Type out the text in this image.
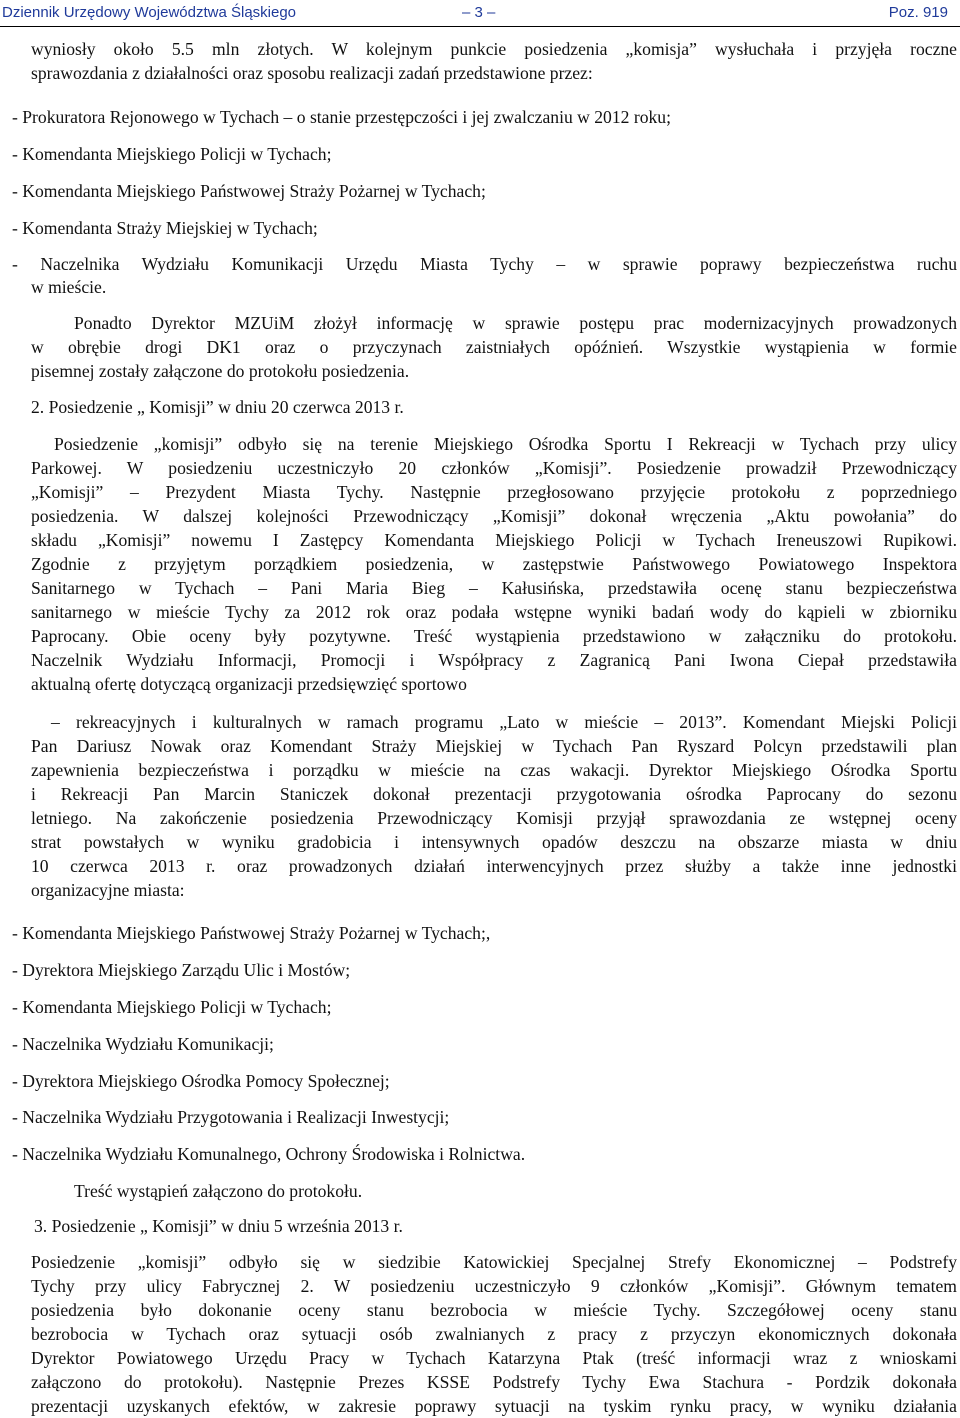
Dziennik Urzędowy Województwa Śląskiego	– 3 –	Poz. 919
wyniosły około 5.5 mln złotych. W kolejnym punkcie posiedzenia „komisja” wysłuchała i przyjęła roczne
sprawozdania z działalności oraz sposobu realizacji zadań przedstawione przez:
- Prokuratora Rejonowego w Tychach – o stanie przestępczości i jej zwalczaniu w 2012 roku;
- Komendanta Miejskiego Policji w Tychach;
- Komendanta Miejskiego Państwowej Straży Pożarnej w Tychach;
- Komendanta Straży Miejskiej w Tychach;
- Naczelnika Wydziału Komunikacji Urzędu Miasta Tychy – w sprawie poprawy bezpieczeństwa ruchu
w mieście.
Ponadto Dyrektor MZUiM złożył informację w sprawie postępu prac modernizacyjnych prowadzonych
w obrębie drogi DK1 oraz o przyczynach zaistniałych opóźnień. Wszystkie wystąpienia w formie
pisemnej zostały załączone do protokołu posiedzenia.
2. Posiedzenie „ Komisji” w dniu 20 czerwca 2013 r.
Posiedzenie „komisji” odbyło się na terenie Miejskiego Ośrodka Sportu I Rekreacji w Tychach przy ulicy
Parkowej. W posiedzeniu uczestniczyło 20 członków „Komisji”. Posiedzenie prowadził Przewodniczący
„Komisji” – Prezydent Miasta Tychy. Następnie przegłosowano przyjęcie protokołu z poprzedniego
posiedzenia. W dalszej kolejności Przewodniczący „Komisji” dokonał wręczenia „Aktu powołania” do
składu „Komisji” nowemu I Zastępcy Komendanta Miejskiego Policji w Tychach Ireneuszowi Rupikowi.
Zgodnie z przyjętym porządkiem posiedzenia, w zastępstwie Państwowego Powiatowego Inspektora
Sanitarnego w Tychach – Pani Maria Bieg – Kałusińska, przedstawiła ocenę stanu bezpieczeństwa
sanitarnego w mieście Tychy za 2012 rok oraz podała wstępne wyniki badań wody do kąpieli w zbiorniku
Paprocany. Obie oceny były pozytywne. Treść wystąpienia przedstawiono w załączniku do protokołu.
Naczelnik Wydziału Informacji, Promocji i Współpracy z Zagranicą Pani Iwona Ciepał przedstawiła
aktualną ofertę dotyczącą organizacji przedsięwzięć sportowo
– rekreacyjnych i kulturalnych w ramach programu „Lato w mieście – 2013”. Komendant Miejski Policji
Pan Dariusz Nowak oraz Komendant Straży Miejskiej w Tychach Pan Ryszard Polcyn przedstawili plan
zapewnienia bezpieczeństwa i porządku w mieście na czas wakacji. Dyrektor Miejskiego Ośrodka Sportu
i Rekreacji Pan Marcin Staniczek dokonał prezentacji przygotowania ośrodka Paprocany do sezonu
letniego. Na zakończenie posiedzenia Przewodniczący Komisji przyjął sprawozdania ze wstępnej oceny
strat powstałych w wyniku gradobicia i intensywnych opadów deszczu na obszarze miasta w dniu
10 czerwca 2013 r. oraz prowadzonych działań interwencyjnych przez służby a także inne jednostki
organizacyjne miasta:
- Komendanta Miejskiego Państwowej Straży Pożarnej w Tychach;,
- Dyrektora Miejskiego Zarządu Ulic i Mostów;
- Komendanta Miejskiego Policji w Tychach;
- Naczelnika Wydziału Komunikacji;
- Dyrektora Miejskiego Ośrodka Pomocy Społecznej;
- Naczelnika Wydziału Przygotowania i Realizacji Inwestycji;
- Naczelnika Wydziału Komunalnego, Ochrony Środowiska i Rolnictwa.
Treść wystąpień załączono do protokołu.
3. Posiedzenie „ Komisji” w dniu 5 września 2013 r.
Posiedzenie „komisji” odbyło się w siedzibie Katowickiej Specjalnej Strefy Ekonomicznej – Podstrefy
Tychy przy ulicy Fabrycznej 2. W posiedzeniu uczestniczyło 9 członków „Komisji”. Głównym tematem
posiedzenia było dokonanie oceny stanu bezrobocia w mieście Tychy. Szczegółowej oceny stanu
bezrobocia w Tychach oraz sytuacji osób zwalnianych z pracy z przyczyn ekonomicznych dokonała
Dyrektor Powiatowego Urzędu Pracy w Tychach Katarzyna Ptak (treść informacji wraz z wnioskami
załączono do protokołu). Następnie Prezes KSSE Podstrefy Tychy Ewa Stachura - Pordzik dokonała
prezentacji uzyskanych efektów, w zakresie poprawy sytuacji na tyskim rynku pracy, w wyniku działania
